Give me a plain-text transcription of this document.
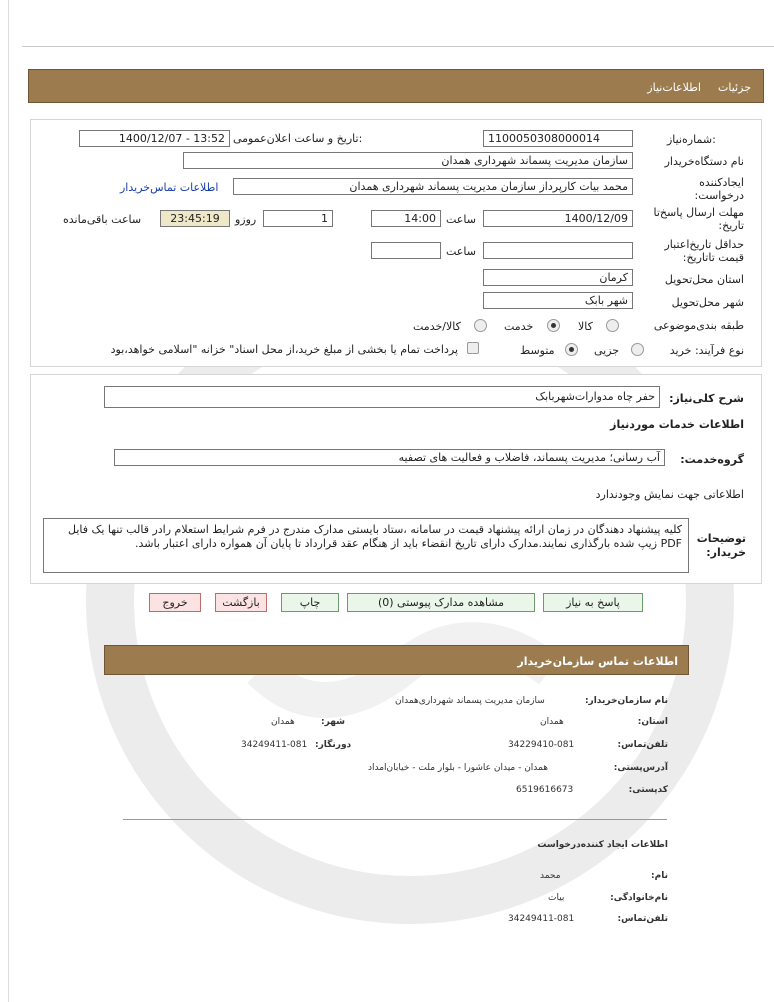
جزئیات
اطلاعات‌نیاز
شماره‌نیاز:
1100050308000014
تاریخ و ساعت اعلان‌عمومی:
1400/12/07 - 13:52
نام دستگاه‌خریدار
سازمان مدیریت پسماند شهرداری همدان
ایجادکننده درخواست:
محمد بیات کارپرداز سازمان مدیریت پسماند شهرداری همدان
اطلاعات تماس‌خریدار
مهلت ارسال پاسخ‌تا تاریخ:
1400/12/09
ساعت
14:00
1
روزو
23:45:19
ساعت باقی‌مانده
حداقل تاریخ‌اعتبار قیمت تا‌تاریخ:
ساعت
استان محل‌تحویل
کرمان
شهر محل‌تحویل
شهر بابک
طبقه بندی‌موضوعی
کالا
خدمت
کالا/خدمت
نوع فرآیند: خرید
جزیی
متوسط
پرداخت تمام یا بخشی از مبلغ خرید،از محل اسناد" خزانه "اسلامی خواهد،بود
شرح کلی‌نیاز:
حفر چاه مدوارات‌شهربابک
اطلاعات خدمات موردنیاز
گروه‌خدمت:
آب رسانی؛ مدیریت پسماند، فاضلاب و فعالیت های تصفیه
اطلاعاتی جهت نمایش وجود‌ندارد
توضیحات خریدار:
کلیه پیشنهاد دهندگان در زمان ارائه پیشنهاد قیمت در سامانه ،ستاد بایستی مدارک مندرج در فرم شرایط استعلام رادر قالب تنها یک فایل PDF زیپ شده بارگذاری نمایند.مدارک دارای تاریخ انقضاء باید از هنگام عقد قرارداد تا پایان آن همواره دارای اعتبار باشد.
پاسخ به نیاز
مشاهده مدارک پیوستی (0)
چاپ
بازگشت
خروج
اطلاعات تماس سازمان‌خریدار
نام سازمان‌خریدار:
سازمان مدیریت پسماند شهرداری‌همدان
استان:
همدان
شهر:
همدان
تلفن‌تماس:
34229410-081
دورنگار:
34249411-081
آدرس‌پستی:
همدان - میدان عاشورا - بلوار ملت - خیابان‌امداد
کد‌پستی:
6519616673
اطلاعات ایجاد کننده‌درخواست
نام:
محمد
نام‌خانوادگی:
بیات
تلفن‌تماس:
34249411-081
